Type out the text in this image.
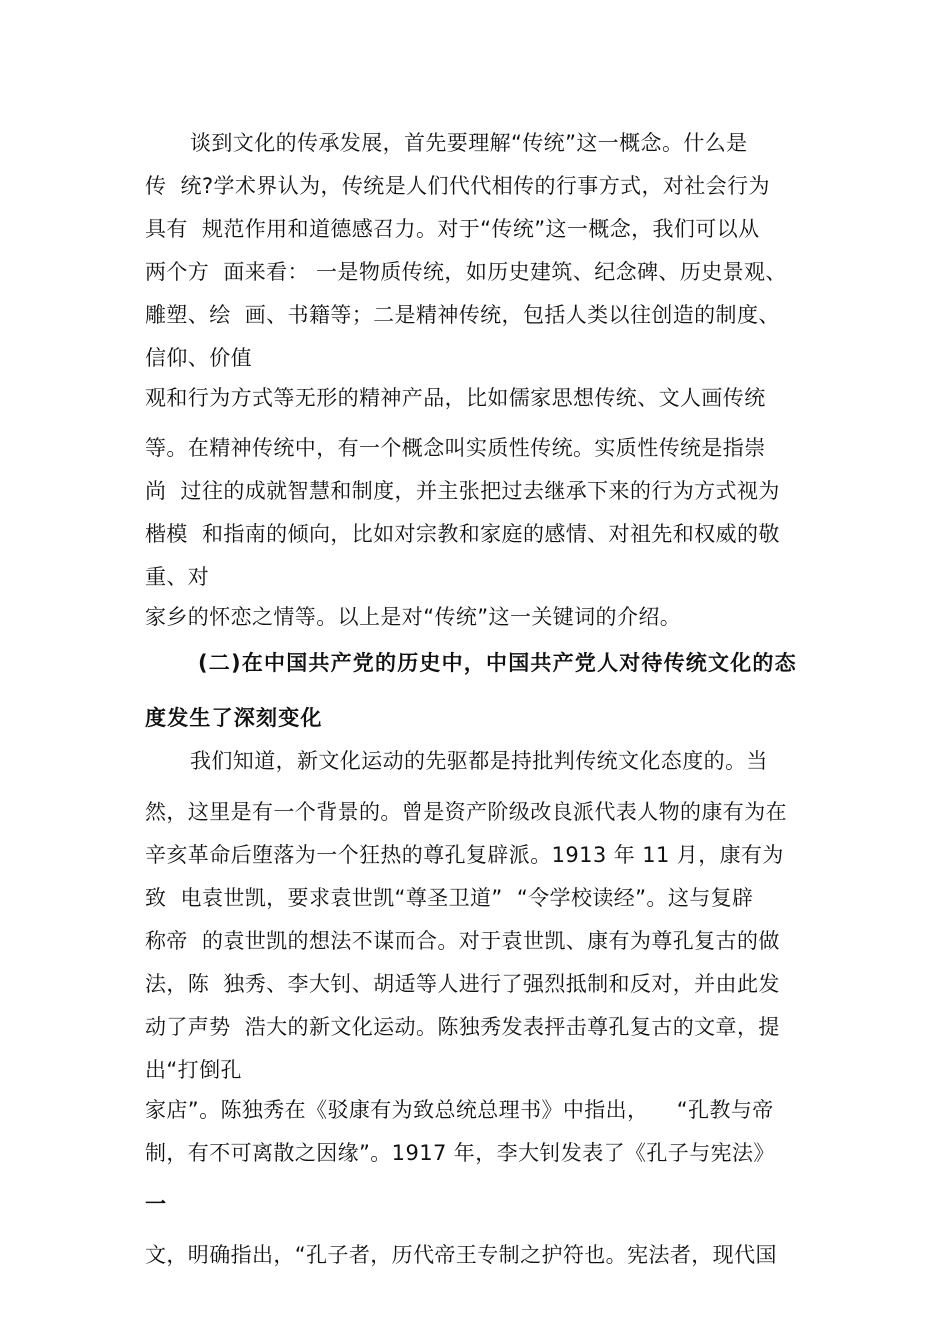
谈到文化的传承发展，首先要理解“传统”这一概念。什么是
传  统?学术界认为，传统是人们代代相传的行事方式，对社会行为
具有  规范作用和道德感召力。对于“传统”这一概念，我们可以从
两个方  面来看： 一是物质传统，如历史建筑、纪念碑、历史景观、
雕塑、绘  画、书籍等；二是精神传统，包括人类以往创造的制度、
信仰、价值
观和行为方式等无形的精神产品，比如儒家思想传统、文人画传统
等。在精神传统中，有一个概念叫实质性传统。实质性传统是指崇
尚  过往的成就智慧和制度，并主张把过去继承下来的行为方式视为
楷模  和指南的倾向，比如对宗教和家庭的感情、对祖先和权威的敬
重、对
家乡的怀恋之情等。以上是对“传统”这一关键词的介绍。
(二)在中国共产党的历史中，中国共产党人对待传统文化的态
度发生了深刻变化
我们知道，新文化运动的先驱都是持批判传统文化态度的。当
然，这里是有一个背景的。曾是资产阶级改良派代表人物的康有为在
辛亥革命后堕落为一个狂热的尊孔复辟派。1913 年 11 月，康有为
致  电袁世凯，要求袁世凯“尊圣卫道”  “令学校读经”。这与复辟
称帝  的袁世凯的想法不谋而合。对于袁世凯、康有为尊孔复古的做
法，陈  独秀、李大钊、胡适等人进行了强烈抵制和反对，并由此发
动了声势  浩大的新文化运动。陈独秀发表抨击尊孔复古的文章，提
出“打倒孔
家店”。陈独秀在《驳康有为致总统总理书》中指出，    “孔教与帝
制，有不可离散之因缘”。1917 年，李大钊发表了《孔子与宪法》
一
文，明确指出，“孔子者，历代帝王专制之护符也。宪法者，现代国
